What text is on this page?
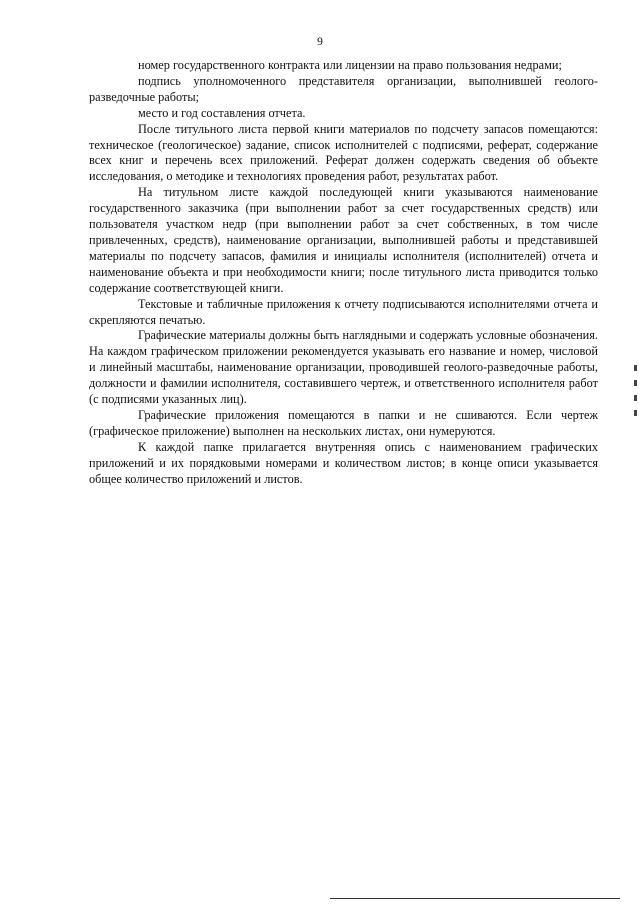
9

номер государственного контракта или лицензии на право пользования недрами;

подпись уполномоченного представителя организации, выполнившей геолого-разведочные работы;

место и год составления отчета.

После титульного листа первой книги материалов по подсчету запасов помещаются: техническое (геологическое) задание, список исполнителей с подписями, реферат, содержание всех книг и перечень всех приложений. Реферат должен содержать сведения об объекте исследования, о методике и технологиях проведения работ, результатах работ.

На титульном листе каждой последующей книги указываются наименование государственного заказчика (при выполнении работ за счет государственных средств) или пользователя участком недр (при выполнении работ за счет собственных, в том числе привлеченных, средств), наименование организации, выполнившей работы и представившей материалы по подсчету запасов, фамилия и инициалы исполнителя (исполнителей) отчета и наименование объекта и при необходимости книги; после титульного листа приводится только содержание соответствующей книги.

Текстовые и табличные приложения к отчету подписываются исполнителями отчета и скрепляются печатью.

Графические материалы должны быть наглядными и содержать условные обозначения. На каждом графическом приложении рекомендуется указывать его название и номер, числовой и линейный масштабы, наименование организации, проводившей геолого-разведочные работы, должности и фамилии исполнителя, составившего чертеж, и ответственного исполнителя работ (с подписями указанных лиц).

Графические приложения помещаются в папки и не сшиваются. Если чертеж (графическое приложение) выполнен на нескольких листах, они нумеруются.

К каждой папке прилагается внутренняя опись с наименованием графических приложений и их порядковыми номерами и количеством листов; в конце описи указывается общее количество приложений и листов.
